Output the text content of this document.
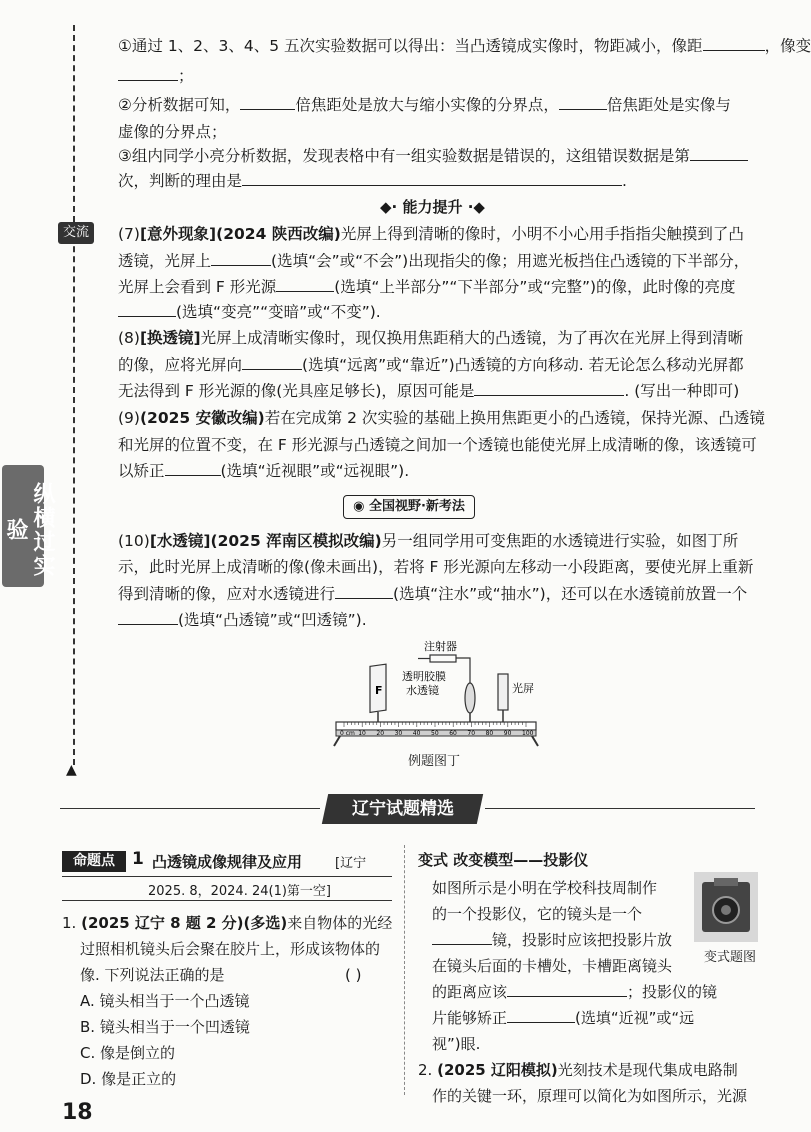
▲
交流
纵横过实验
①通过 1、2、3、4、5 五次实验数据可以得出：当凸透镜成实像时，物距减小，像距	，像变
；
②分析数据可知，	倍焦距处是放大与缩小实像的分界点，	倍焦距处是实像与
虚像的分界点；
③组内同学小亮分析数据，发现表格中有一组实验数据是错误的，这组错误数据是第
次，判断的理由是	.
◆· 能力提升 ·◆
(7)[意外现象](2024 陕西改编)光屏上得到清晰的像时，小明不小心用手指指尖触摸到了凸
透镜，光屏上	(选填“会”或“不会”)出现指尖的像；用遮光板挡住凸透镜的下半部分，
光屏上会看到 F 形光源	(选填“上半部分”“下半部分”或“完整”)的像，此时像的亮度
(选填“变亮”“变暗”或“不变”).
(8)[换透镜]光屏上成清晰实像时，现仅换用焦距稍大的凸透镜，为了再次在光屏上得到清晰
的像，应将光屏向	(选填“远离”或“靠近”)凸透镜的方向移动. 若无论怎么移动光屏都
无法得到 F 形光源的像(光具座足够长)，原因可能是	. (写出一种即可)
(9)(2025 安徽改编)若在完成第 2 次实验的基础上换用焦距更小的凸透镜，保持光源、凸透镜
和光屏的位置不变，在 F 形光源与凸透镜之间加一个透镜也能使光屏上成清晰的像，该透镜可
以矫正	(选填“近视眼”或“远视眼”).
◉ 全国视野·新考法
(10)[水透镜](2025 浑南区模拟改编)另一组同学用可变焦距的水透镜进行实验，如图丁所
示，此时光屏上成清晰的像(像未画出)，若将 F 形光源向左移动一小段距离，要使光屏上重新
得到清晰的像，应对水透镜进行	(选填“注水”或“抽水”)，还可以在水透镜前放置一个
(选填“凸透镜”或“凹透镜”).
注射器
透明胶膜
水透镜
F	光屏
0 cm 10 20 30 40 50 60 70 80 90 100
例题图丁
辽宁试题精选
命题点	1 凸透镜成像规律及应用	[辽宁
2025. 8，2024. 24(1)第一空]
1. (2025 辽宁 8 题 2 分)(多选)来自物体的光经
过照相机镜头后会聚在胶片上，形成该物体的
像. 下列说法正确的是	( )
A. 镜头相当于一个凸透镜
B. 镜头相当于一个凹透镜
C. 像是倒立的
D. 像是正立的
变式 改变模型——投影仪
如图所示是小明在学校科技周制作
的一个投影仪，它的镜头是一个
镜，投影时应该把投影片放
在镜头后面的卡槽处，卡槽距离镜头
的距离应该	；投影仪的镜
片能够矫正	(选填“近视”或“远
视”)眼.
变式题图
2. (2025 辽阳模拟)光刻技术是现代集成电路制
作的关键一环，原理可以简化为如图所示，光源
18
